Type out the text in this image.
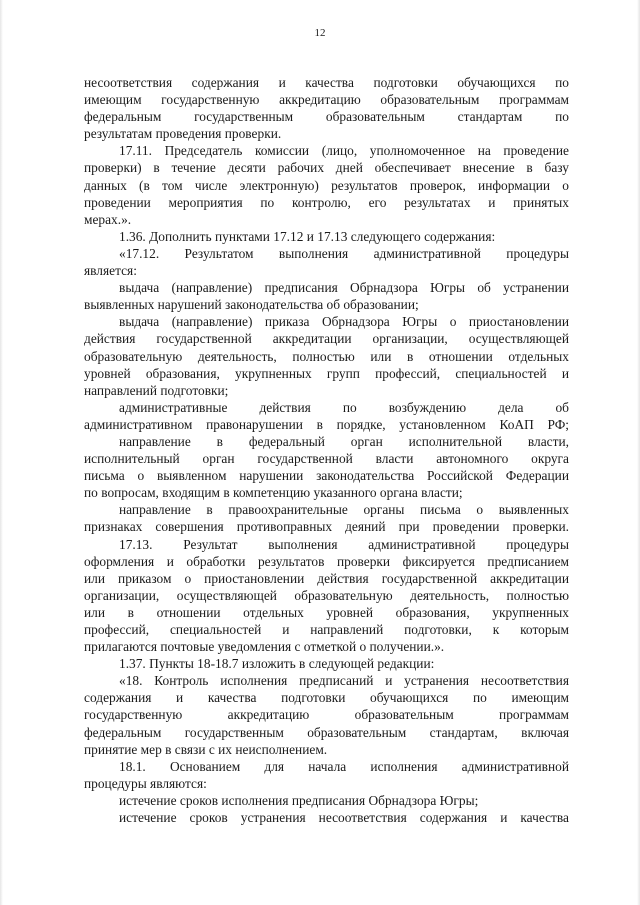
12
несоответствия содержания и качества подготовки обучающихся по
имеющим государственную аккредитацию образовательным программам
федеральным государственным образовательным стандартам по
результатам проведения проверки.
17.11. Председатель комиссии (лицо, уполномоченное на проведение
проверки) в течение десяти рабочих дней обеспечивает внесение в базу
данных (в том числе электронную) результатов проверок, информации о
проведении мероприятия по контролю, его результатах и принятых
мерах.».
1.36. Дополнить пунктами 17.12 и 17.13 следующего содержания:
«17.12. Результатом выполнения административной процедуры
является:
выдача (направление) предписания Обрнадзора Югры об устранении
выявленных нарушений законодательства об образовании;
выдача (направление) приказа Обрнадзора Югры о приостановлении
действия государственной аккредитации организации, осуществляющей
образовательную деятельность, полностью или в отношении отдельных
уровней образования, укрупненных групп профессий, специальностей и
направлений подготовки;
административные действия по возбуждению дела об
административном правонарушении в порядке, установленном КоАП РФ;
направление в федеральный орган исполнительной власти,
исполнительный орган государственной власти автономного округа
письма о выявленном нарушении законодательства Российской Федерации
по вопросам, входящим в компетенцию указанного органа власти;
направление в правоохранительные органы письма о выявленных
признаках совершения противоправных деяний при проведении проверки.
17.13. Результат выполнения административной процедуры
оформления и обработки результатов проверки фиксируется предписанием
или приказом о приостановлении действия государственной аккредитации
организации, осуществляющей образовательную деятельность, полностью
или в отношении отдельных уровней образования, укрупненных
профессий, специальностей и направлений подготовки, к которым
прилагаются почтовые уведомления с отметкой о получении.».
1.37. Пункты 18-18.7 изложить в следующей редакции:
«18. Контроль исполнения предписаний и устранения несоответствия
содержания и качества подготовки обучающихся по имеющим
государственную аккредитацию образовательным программам
федеральным государственным образовательным стандартам, включая
принятие мер в связи с их неисполнением.
18.1. Основанием для начала исполнения административной
процедуры являются:
истечение сроков исполнения предписания Обрнадзора Югры;
истечение сроков устранения несоответствия содержания и качества
